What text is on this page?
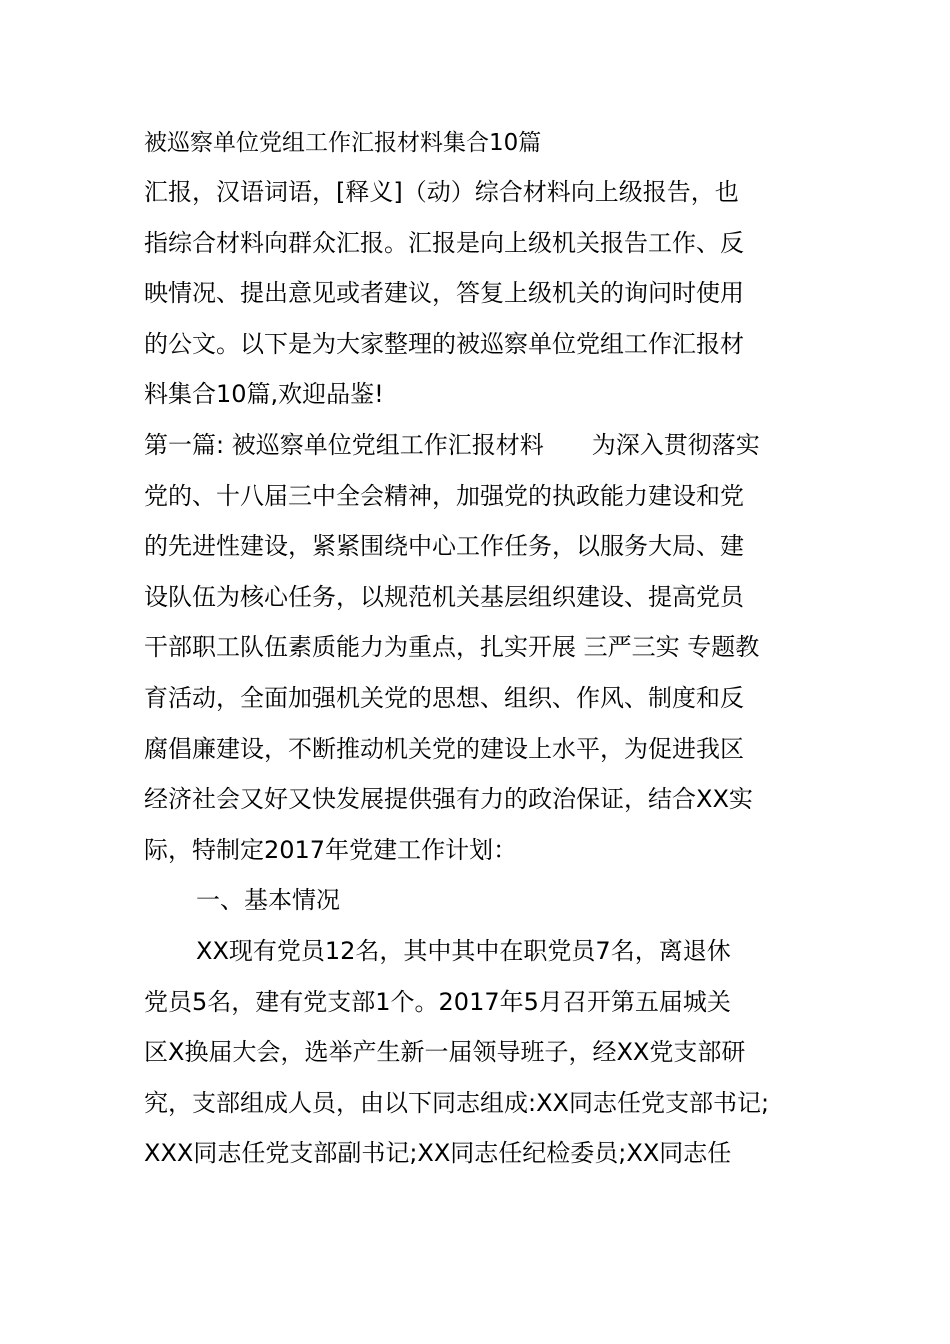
被巡察单位党组工作汇报材料集合10篇
汇报，汉语词语，[释义]（动）综合材料向上级报告，也
指综合材料向群众汇报。汇报是向上级机关报告工作、反
映情况、提出意见或者建议，答复上级机关的询问时使用
的公文。以下是为大家整理的被巡察单位党组工作汇报材
料集合10篇,欢迎品鉴!
第一篇: 被巡察单位党组工作汇报材料　　为深入贯彻落实
党的、十八届三中全会精神，加强党的执政能力建设和党
的先进性建设，紧紧围绕中心工作任务，以服务大局、建
设队伍为核心任务，以规范机关基层组织建设、提高党员
干部职工队伍素质能力为重点，扎实开展 三严三实 专题教
育活动，全面加强机关党的思想、组织、作风、制度和反
腐倡廉建设，不断推动机关党的建设上水平，为促进我区
经济社会又好又快发展提供强有力的政治保证，结合XX实
际，特制定2017年党建工作计划：
一、基本情况
XX现有党员12名，其中其中在职党员7名，离退休
党员5名，建有党支部1个。2017年5月召开第五届城关
区X换届大会，选举产生新一届领导班子，经XX党支部研
究，支部组成人员，由以下同志组成:XX同志任党支部书记;
XXX同志任党支部副书记;XX同志任纪检委员;XX同志任
